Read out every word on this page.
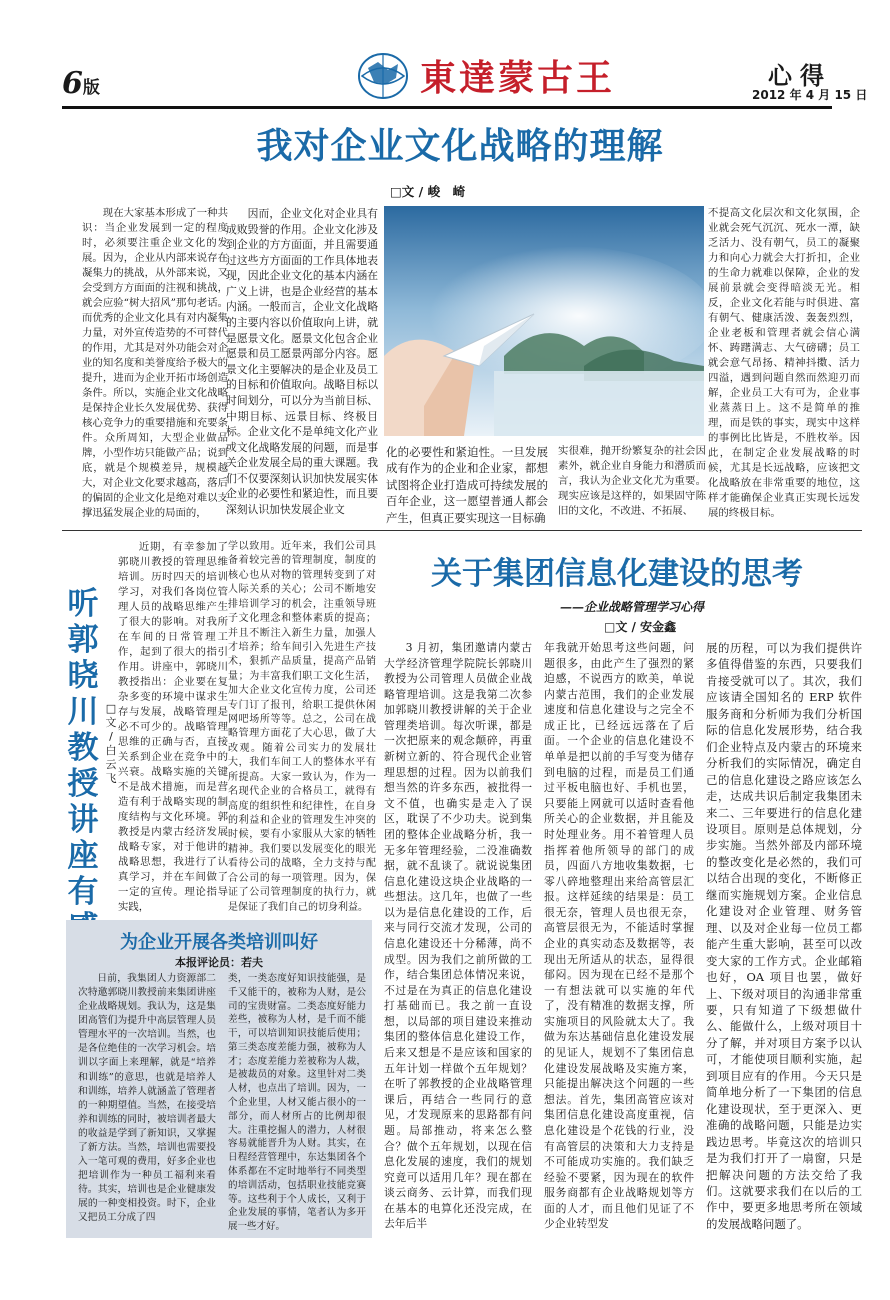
6版	東達蒙古王	心得
2012 年 4 月 15 日
我对企业文化战略的理解
□文 / 峻　崎

现在大家基本形成了一种共识：当企业发展到一定的程度时，必须要注重企业文化的发展。因为，企业从内部来说存在凝集力的挑战，从外部来说，又会受到方方面面的注视和挑战，就会应验“树大招风”那句老话。而优秀的企业文化具有对内凝集力量，对外宣传造势的不可替代的作用，尤其是对外功能会对企业的知名度和美誉度给予极大的提升，进而为企业开拓市场创造条件。所以，实施企业文化战略是保持企业长久发展优势、获得核心竞争力的重要措施和充要条件。众所周知，大型企业做品牌，小型作坊只能做产品；说到底，就是个规模差异，规模越大，对企业文化要求越高，落后的偏固的企业文化是绝对难以支撑迅猛发展企业的局面的，

因而，企业文化对企业具有成败毁誉的作用。企业文化涉及到企业的方方面面，并且需要通过这些方方面面的工作具体地表现，因此企业文化的基本内涵在广义上讲，也是企业经营的基本内涵。一般而言，企业文化战略的主要内容以价值取向上讲，就是愿景文化。愿景文化包含企业愿景和员工愿景两部分内容。愿景文化主要解决的是企业及员工的目标和价值取向。战略目标以时间划分，可以分为当前目标、中期目标、远景目标、终极目标。企业文化不是单纯文化产业或文化战略发展的问题，而是事关企业发展全局的重大课题。我们不仅要深刻认识加快发展实体企业的必要性和紧迫性，而且要深刻认识加快发展企业文

化的必要性和紧迫性。一旦发展成有作为的企业和企业家，都想试图将企业打造成可持续发展的百年企业，这一愿望普通人都会产生，但真正要实现这一目标确

实很难，抛开纷繁复杂的社会因素外，就企业自身能力和潜质而言，我认为企业文化尤为重要。现实应该是这样的，如果固守陈旧的文化，不改进、不拓展、

不提高文化层次和文化氛围，企业就会死气沉沉、死水一潭，缺乏活力、没有朝气，员工的凝聚力和向心力就会大打折扣，企业的生命力就难以保障，企业的发展前景就会变得暗淡无光。相反，企业文化若能与时俱进、富有朝气、健康活泼、轰轰烈烈，企业老板和管理者就会信心满怀、踌躇满志、大气磅礴；员工就会意气昂扬、精神抖擞、活力四溢，遇到问题自然而然迎刃而解，企业员工大有可为，企业事业蒸蒸日上。这不是简单的推理，而是铁的事实，现实中这样的事例比比皆是，不胜枚举。因此，在制定企业发展战略的时候，尤其是长远战略，应该把文化战略放在非常重要的地位，这样才能确保企业真正实现长远发展的终极目标。

听郭晓川教授讲座有
□文 / 白云飞

近期，有幸参加了郭晓川教授的管理思维培训。历时四天的培训学习，对我们各岗位管理人员的战略思维产生了很大的影响。对我所在车间的日常管理工作，起到了很大的指引作用。讲座中，郭晓川教授指出：企业要在复杂多变的环境中谋求生存与发展，战略管理是必不可少的。战略管理思维的正确与否，直接关系到企业在竞争中的兴衰。战略实施的关键不是战术措施，而是营造有利于战略实现的制度结构与文化环境。郭教授是内蒙古经济发展战略专家，对于他讲的战略思想，我进行了认真学习，并在车间做了一定的宣传。理论指导实践，

学以致用。近年来，我们公司具备着较完善的管理制度，制度的核心也从对物的管理转变到了对人际关系的关心；公司不断地安排培训学习的机会，注重领导班子文化理念和整体素质的提高；并且不断注入新生力量，加强人才培养；给车间引入先进生产技术，狠抓产品质量，提高产品销量；为丰富我们职工文化生活，加大企业文化宣传力度，公司还专门订了报刊，给职工提供休闲网吧场所等等。总之，公司在战略管理方面花了大心思，做了大改观。随着公司实力的发展壮大，我们车间工人的整体水平有所提高。大家一致认为，作为一名现代企业的合格员工，就得有高度的组织性和纪律性，在自身的利益和企业的管理发生冲突的时候，要有小家服从大家的牺牲精神。我们要以发展变化的眼光看待公司的战略，全力支持与配合公司的每一项管理。因为，保证了公司管理制度的执行力，就是保证了我们自己的切身利益。

为企业开展各类培训叫好
本报评论员：若夫

日前，我集团人力资源部二次特邀郭晓川教授前来集团讲座企业战略规划。我认为，这是集团高管们为提升中高层管理人员管理水平的一次培训。当然，也是各位绝佳的一次学习机会。培训以字面上来理解，就是“培养和训练”的意思，也就是培养人和训练，培养人就涵盖了管理者的一种期望值。当然，在接受培养和训练的同时，被培训者最大的收益是学到了新知识，又掌握了新方法。当然，培训也需要投入一笔可观的费用，好多企业也把培训作为一种员工福利来看待。其实，培训也是企业健康发展的一种变相投资。时下，企业又把员工分成了四

类，一类态度好知识技能强，是千又能干的，被称为人财，是公司的宝贵财富。二类态度好能力差些，被称为人材，是千而不能干，可以培训知识技能后使用；第三类态度差能力强，被称为人才；态度差能力差被称为人裁，是被裁员的对象。这里针对二类人材，也点出了培训。因为，一个企业里，人材又能占很小的一部分，而人材所占的比例却很大。注重挖掘人的潜力，人材很容易就能晋升为人财。其实，在日程经营管理中，东达集团各个体系都在不定时地举行不同类型的培训活动，包括职业技能竞赛等。这些利于个人成长，又利于企业发展的事情，笔者认为多开展一些才好。

关于集团信息化建设的思考
——企业战略管理学习心得
□文 / 安金鑫

3 月初，集团邀请内蒙古大学经济管理学院院长郭晓川教授为公司管理人员做企业战略管理培训。这是我第二次参加郭晓川教授讲解的关于企业管理类培训。每次听课，都是一次把原来的观念颠碎，再重新树立新的、符合现代企业管理思想的过程。因为以前我们想当然的许多东西，被批得一文不值，也确实是走入了误区，耽误了不少功夫。说到集团的整体企业战略分析，我一无多年管理经验，二没准确数据，就不乱谈了。就说说集团信息化建设这块企业战略的一些想法。这几年，也做了一些以为是信息化建设的工作，后来与同行交流才发现，公司的信息化建设还十分稀薄，尚不成型。因为我们之前所做的工作，结合集团总体情况来说，不过是在为真正的信息化建设打基础而已。我之前一直设想，以局部的项目建设来推动集团的整体信息化建设工作，后来又想是不是应该和国家的五年计划一样做个五年规划？在听了郭教授的企业战略管理课后，再结合一些同行的意见，才发现原来的思路都有问题。局部推动，将来怎么整合？做个五年规划，以现在信息化发展的速度，我们的规划究竟可以适用几年？现在都在谈云商务、云计算，而我们现在基本的电算化还没完成，在去年后半

年我就开始思考这些问题，问题很多，由此产生了强烈的紧迫感，不说西方的欧美，单说内蒙古范围，我们的企业发展速度和信息化建设与之完全不成正比，已经远远落在了后面。一个企业的信息化建设不单单是把以前的手写变为储存到电脑的过程，而是员工们通过平板电脑也好、手机也罢，只要能上网就可以适时查看他所关心的企业数据，并且能及时处理业务。用不着管理人员指挥着他所领导的部门的成员，四面八方地收集数据，七零八碎地整理出来给高管层汇报。这样延续的结果是：员工很无奈，管理人员也很无奈，高管层很无为，不能适时掌握企业的真实动态及数据等，表现出无所适从的状态，显得很郁闷。因为现在已经不是那个一有想法就可以实施的年代了，没有精准的数据支撑，所实施项目的风险就太大了。我做为东达基础信息化建设发展的见证人，规划不了集团信息化建设发展战略及实施方案，只能提出解决这个问题的一些想法。首先，集团高管应该对集团信息化建设高度重视，信息化建设是个花钱的行业，没有高管层的决策和大力支持是不可能成功实施的。我们缺乏经验不要紧，因为现在的软件服务商都有企业战略规划等方面的人才，而且他们见证了不少企业转型发

展的历程，可以为我们提供许多值得借鉴的东西，只要我们肯接受就可以了。其次，我们应该请全国知名的 ERP 软件服务商和分析师为我们分析国际的信息化发展形势，结合我们企业特点及内蒙古的环境来分析我们的实际情况，确定自己的信息化建设之路应该怎么走，达成共识后制定我集团未来二、三年要进行的信息化建设项目。原则是总体规划，分步实施。当然外部及内部环境的整改变化是必然的，我们可以结合出现的变化，不断修正继而实施规划方案。企业信息化建设对企业管理、财务管理、以及对企业每一位员工都能产生重大影响，甚至可以改变大家的工作方式。企业邮箱也好，OA 项目也罢，做好上、下级对项目的沟通非常重要，只有知道了下级想做什么、能做什么，上级对项目十分了解，并对项目方案予以认可，才能使项目顺利实施，起到项目应有的作用。今天只是简单地分析了一下集团的信息化建设现状，至于更深入、更准确的战略问题，只能是边实践边思考。毕竟这次的培训只是为我们打开了一扇窗，只是把解决问题的方法交给了我们。这就要求我们在以后的工作中，要更多地思考所在领域的发展战略问题了。
